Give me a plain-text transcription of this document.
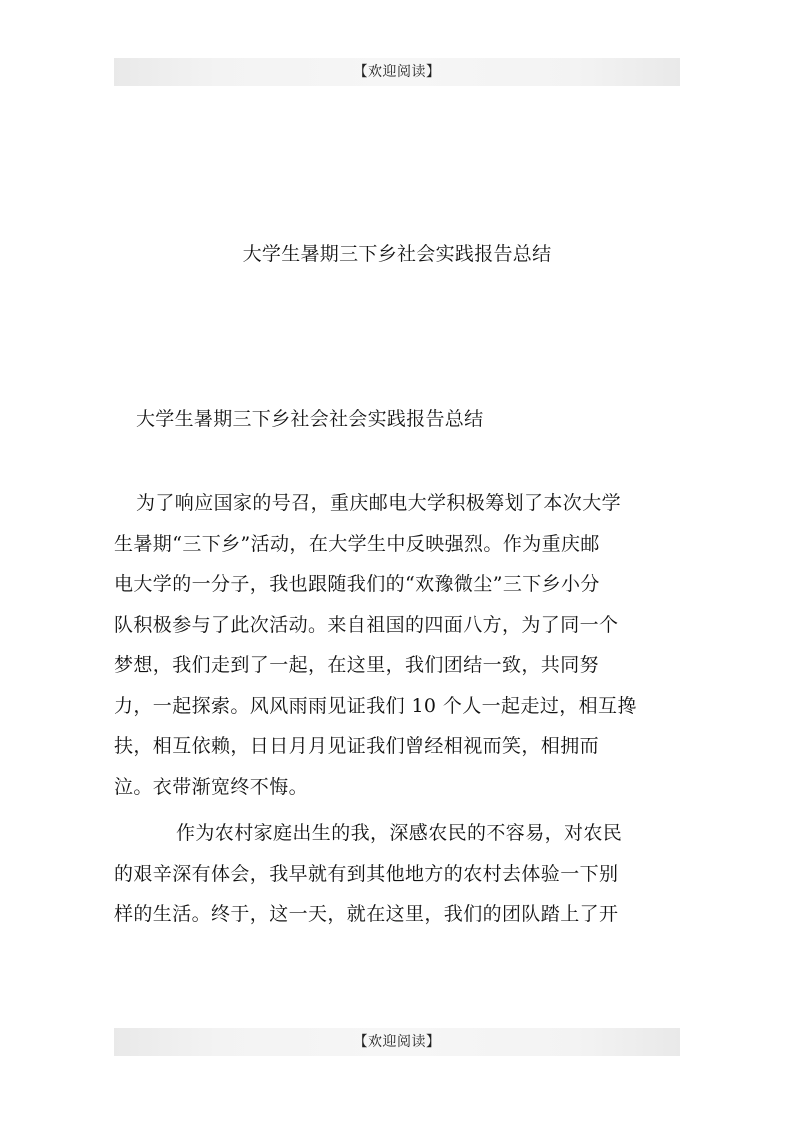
【欢迎阅读】
大学生暑期三下乡社会实践报告总结
大学生暑期三下乡社会社会实践报告总结
为了响应国家的号召，重庆邮电大学积极筹划了本次大学
生暑期“三下乡”活动，在大学生中反映强烈。作为重庆邮
电大学的一分子，我也跟随我们的“欢豫微尘”三下乡小分
队积极参与了此次活动。来自祖国的四面八方，为了同一个
梦想，我们走到了一起，在这里，我们团结一致，共同努
力，一起探索。风风雨雨见证我们 10 个人一起走过，相互搀
扶，相互依赖，日日月月见证我们曾经相视而笑，相拥而
泣。衣带渐宽终不悔。
作为农村家庭出生的我，深感农民的不容易，对农民
的艰辛深有体会，我早就有到其他地方的农村去体验一下别
样的生活。终于，这一天，就在这里，我们的团队踏上了开
【欢迎阅读】
